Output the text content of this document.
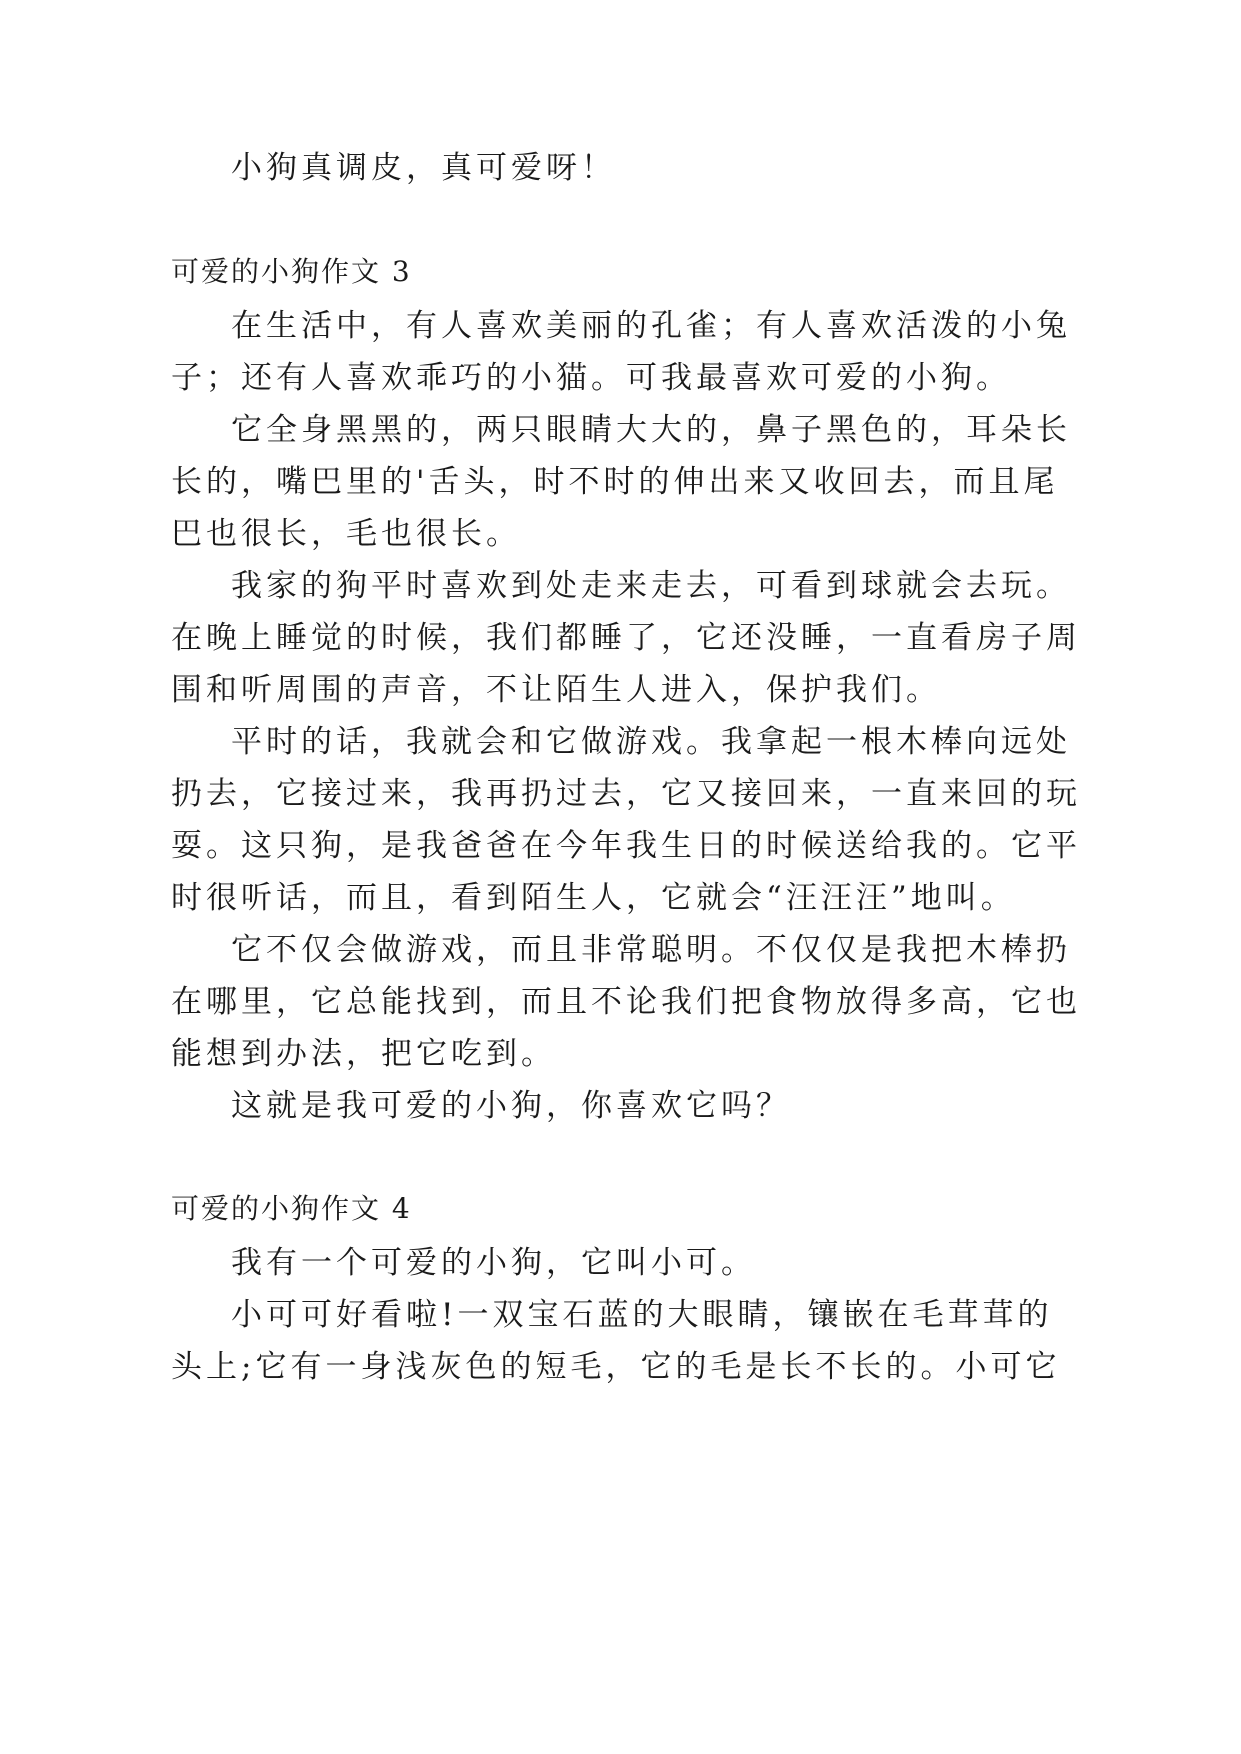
小狗真调皮，真可爱呀！
可爱的小狗作文 3
在生活中，有人喜欢美丽的孔雀；有人喜欢活泼的小兔
子；还有人喜欢乖巧的小猫。可我最喜欢可爱的小狗。
它全身黑黑的，两只眼睛大大的，鼻子黑色的，耳朵长
长的，嘴巴里的'舌头，时不时的伸出来又收回去，而且尾
巴也很长，毛也很长。
我家的狗平时喜欢到处走来走去，可看到球就会去玩。
在晚上睡觉的时候，我们都睡了，它还没睡，一直看房子周
围和听周围的声音，不让陌生人进入，保护我们。
平时的话，我就会和它做游戏。我拿起一根木棒向远处
扔去，它接过来，我再扔过去，它又接回来，一直来回的玩
耍。这只狗，是我爸爸在今年我生日的时候送给我的。它平
时很听话，而且，看到陌生人，它就会“汪汪汪”地叫。
它不仅会做游戏，而且非常聪明。不仅仅是我把木棒扔
在哪里，它总能找到，而且不论我们把食物放得多高，它也
能想到办法，把它吃到。
这就是我可爱的小狗，你喜欢它吗？
可爱的小狗作文 4
我有一个可爱的小狗，它叫小可。
小可可好看啦!一双宝石蓝的大眼睛，镶嵌在毛茸茸的
头上;它有一身浅灰色的短毛，它的毛是长不长的。小可它
